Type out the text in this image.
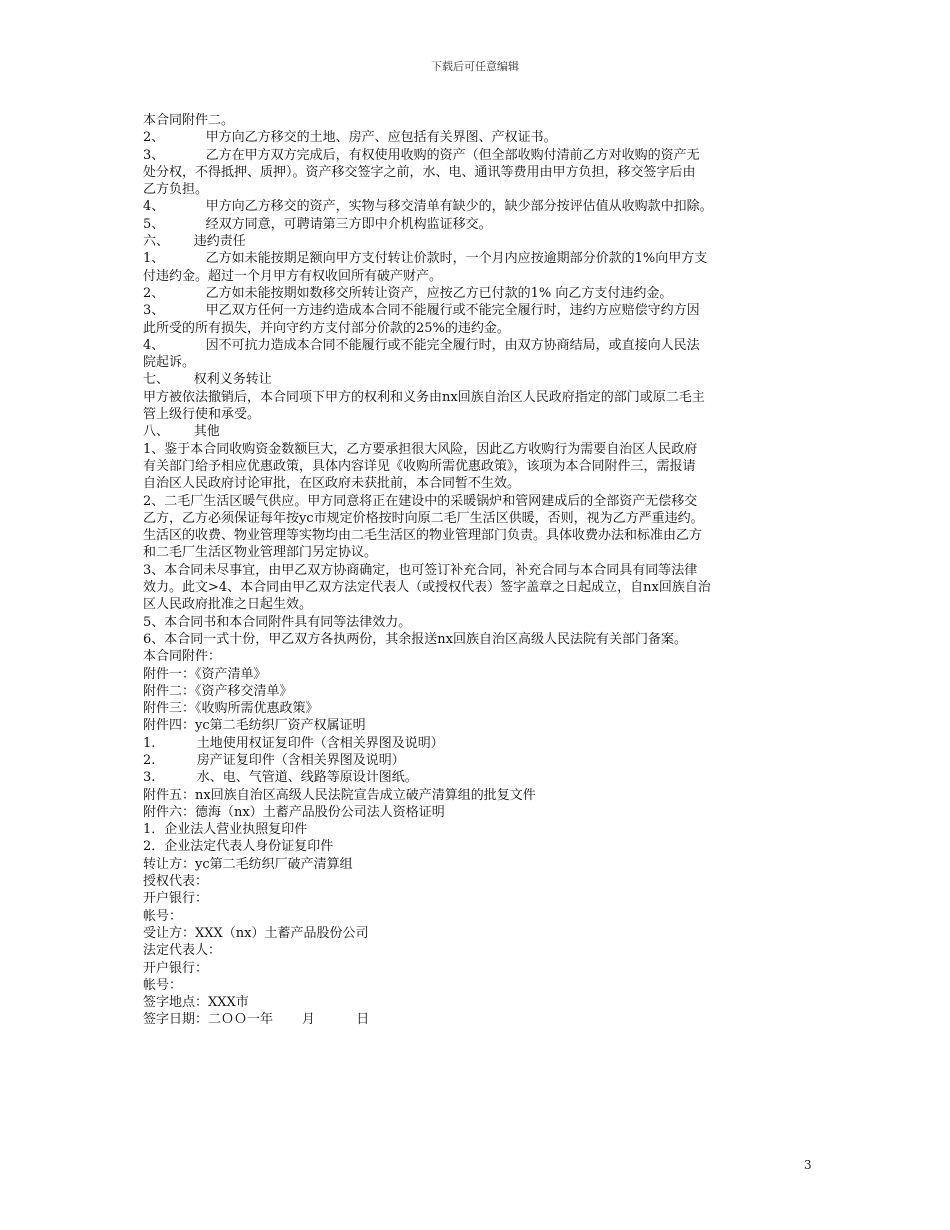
下载后可任意编辑
本合同附件二。
2、          甲方向乙方移交的土地、房产、应包括有关界图、产权证书。
3、          乙方在甲方双方完成后，有权使用收购的资产（但全部收购付清前乙方对收购的资产无
处分权，不得抵押、质押）。资产移交签字之前，水、电、通讯等费用由甲方负担，移交签字后由
乙方负担。
4、          甲方向乙方移交的资产，实物与移交清单有缺少的，缺少部分按评估值从收购款中扣除。
5、          经双方同意，可聘请第三方即中介机构监证移交。
六、      违约责任
1、          乙方如未能按期足额向甲方支付转让价款时，一个月内应按逾期部分价款的1%向甲方支
付违约金。超过一个月甲方有权收回所有破产财产。
2、          乙方如未能按期如数移交所转让资产，应按乙方已付款的1% 向乙方支付违约金。
3、          甲乙双方任何一方违约造成本合同不能履行或不能完全履行时，违约方应赔偿守约方因
此所受的所有损失，并向守约方支付部分价款的25%的违约金。
4、          因不可抗力造成本合同不能履行或不能完全履行时，由双方协商结局，或直接向人民法
院起诉。
七、      权利义务转让
甲方被依法撤销后，本合同项下甲方的权利和义务由nx回族自治区人民政府指定的部门或原二毛主
管上级行使和承受。
八、      其他
1、鉴于本合同收购资金数额巨大，乙方要承担很大风险，因此乙方收购行为需要自治区人民政府
有关部门给予相应优惠政策，具体内容详见《收购所需优惠政策》，该项为本合同附件三，需报请
自治区人民政府讨论审批，在区政府未获批前，本合同暂不生效。
2、二毛厂生活区暖气供应。甲方同意将正在建设中的采暖锅炉和管网建成后的全部资产无偿移交
乙方，乙方必须保证每年按yc市规定价格按时向原二毛厂生活区供暖，否则，视为乙方严重违约。
生活区的收费、物业管理等实物均由二毛生活区的物业管理部门负责。具体收费办法和标准由乙方
和二毛厂生活区物业管理部门另定协议。
3、本合同未尽事宜，由甲乙双方协商确定，也可签订补充合同，补充合同与本合同具有同等法律
效力。此文>4、本合同由甲乙双方法定代表人（或授权代表）签字盖章之日起成立，自nx回族自治
区人民政府批准之日起生效。
5、本合同书和本合同附件具有同等法律效力。
6、本合同一式十份，甲乙双方各执两份，其余报送nx回族自治区高级人民法院有关部门备案。
本合同附件：
附件一：《资产清单》
附件二：《资产移交清单》
附件三：《收购所需优惠政策》
附件四：yc第二毛纺织厂资产权属证明
1.          土地使用权证复印件（含相关界图及说明）
2.          房产证复印件（含相关界图及说明）
3.          水、电、气管道、线路等原设计图纸。
附件五：nx回族自治区高级人民法院宣告成立破产清算组的批复文件
附件六：德海（nx）土蓄产品股份公司法人资格证明
1．企业法人营业执照复印件
2．企业法定代表人身份证复印件
转让方：yc第二毛纺织厂破产清算组
授权代表：
开户银行：
帐号：
受让方：XXX（nx）土蓄产品股份公司
法定代表人：
开户银行：
帐号：
签字地点：XXX市
签字日期：二ＯＯ一年       月          日
3
